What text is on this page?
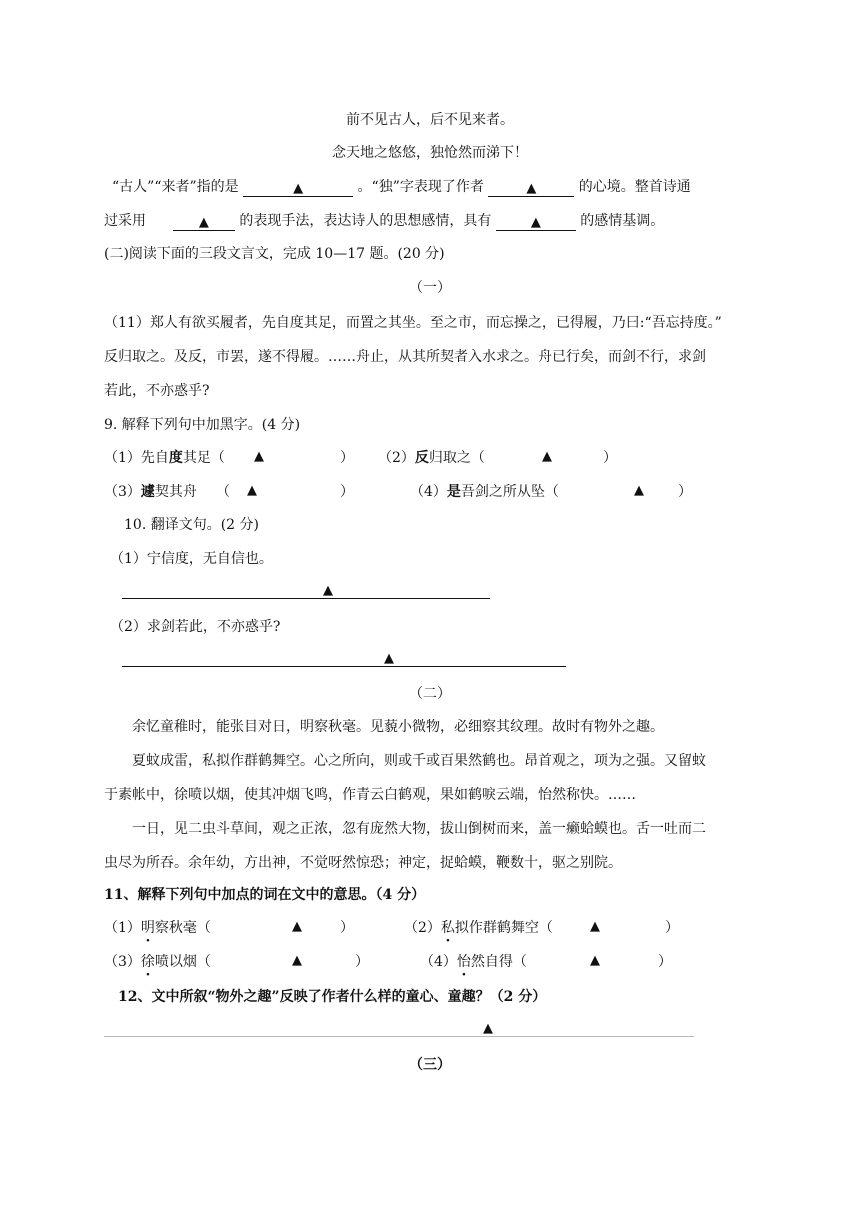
前不见古人，后不见来者。
念天地之悠悠，独怆然而涕下！
“古人”“来者”指的是	▲	。“独”字表现了作者	▲	的心境。整首诗通
过采用	▲ 的表现手法，表达诗人的思想感情，具有	▲	的感情基调。
(二)阅读下面的三段文言文，完成 10—17 题。(20 分)
（一）
（11）郑人有欲买履者，先自度其足，而置之其坐。至之市，而忘操之，已得履，乃曰:“吾忘持度。”
反归取之。及反，市罢，遂不得履。……舟止，从其所契者入水求之。舟已行矣，而剑不行，求剑
若此，不亦惑乎?
9. 解释下列句中加黑字。(4 分)
（1）先自度其足（ ▲	） （2）反归取之（	▲	）
（3）遽契其舟 （ ▲	）	（4）是吾剑之所从坠（	▲ ）
10. 翻译文句。(2 分)
（1）宁信度，无自信也。
▲
（2）求剑若此，不亦惑乎?
▲
（二）
余忆童稚时，能张目对日，明察秋毫。见藐小微物，必细察其纹理。故时有物外之趣。
夏蚊成雷，私拟作群鹤舞空。心之所向，则或千或百果然鹤也。昂首观之，项为之强。又留蚊
于素帐中，徐喷以烟，使其冲烟飞鸣，作青云白鹤观，果如鹤唳云端，怡然称快。……
一日，见二虫斗草间，观之正浓，忽有庞然大物，拔山倒树而来，盖一癞蛤蟆也。舌一吐而二
虫尽为所吞。余年幼，方出神，不觉呀然惊恐；神定，捉蛤蟆，鞭数十，驱之别院。
11、解释下列句中加点的词在文中的意思。（4 分）
（1）明察秋毫（	▲	）	（2）私拟作群鹤舞空（	▲	）
（3）徐喷以烟（	▲	）	（4）怡然自得（	▲	）
12、文中所叙“物外之趣”反映了作者什么样的童心、童趣？（2 分）
▲
（三）
